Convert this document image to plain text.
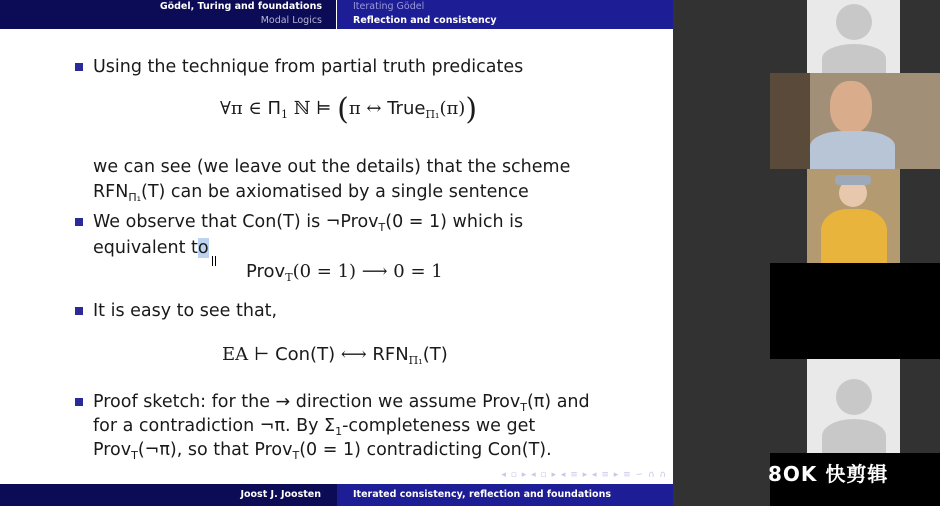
Gödel, Turing and foundations
Modal Logics
Iterating Gödel
Reflection and consistency
Using the technique from partial truth predicates
∀π ∈ $\Pi_1$ ℕ ⊨ (π ↔ True$_{\Pi_1}$(π))
we can see (we leave out the details) that the scheme
$RFN_{\Pi_1}(T)$ can be axiomatised by a single sentence
We observe that Con(T) is ¬Prov$_T$(0 = 1) which is
equivalent to
Prov$_T$(0 = 1) ⟶ 0 = 1
It is easy to see that,
EA ⊢ Con(T) ⟷ $RFN_{\Pi_1}(T)$
Proof sketch: for the → direction we assume Prov$_T$(π) and
for a contradiction ¬π. By $\Sigma_1$-completeness we get
Prov$_T$(¬π), so that Prov$_T$(0 = 1) contradicting Con(T).
◂ ▫ ▸ ◂ ▫ ▸ ◂ ≡ ▸ ◂ ≡ ▸ ≡ ∽ ∩ ∩
Joost J. Joosten	Iterated consistency, reflection and foundations
8OK 快剪辑
